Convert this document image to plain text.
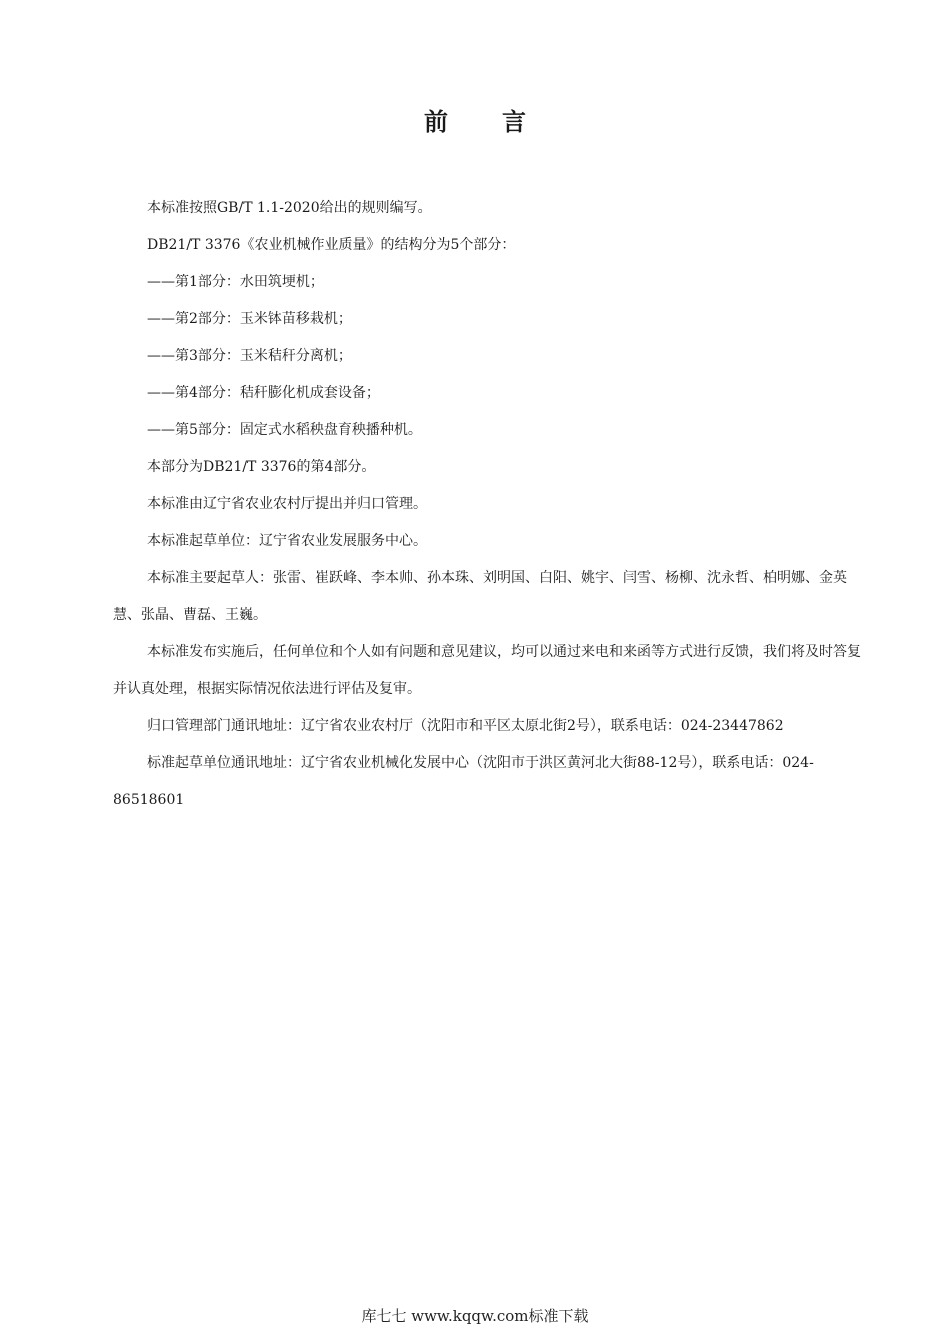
前言

本标准按照GB/T 1.1-2020给出的规则编写。

DB21/T 3376《农业机械作业质量》的结构分为5个部分：

——第1部分：水田筑埂机；

——第2部分：玉米钵苗移栽机；

——第3部分：玉米秸秆分离机；

——第4部分：秸秆膨化机成套设备；

——第5部分：固定式水稻秧盘育秧播种机。

本部分为DB21/T 3376的第4部分。

本标准由辽宁省农业农村厅提出并归口管理。

本标准起草单位：辽宁省农业发展服务中心。

本标准主要起草人：张雷、崔跃峰、李本帅、孙本珠、刘明国、白阳、姚宇、闫雪、杨柳、沈永哲、柏明娜、金英慧、张晶、曹磊、王巍。

本标准发布实施后，任何单位和个人如有问题和意见建议，均可以通过来电和来函等方式进行反馈，我们将及时答复并认真处理，根据实际情况依法进行评估及复审。

归口管理部门通讯地址：辽宁省农业农村厅（沈阳市和平区太原北街2号），联系电话：024-23447862

标准起草单位通讯地址：辽宁省农业机械化发展中心（沈阳市于洪区黄河北大街88-12号），联系电话：024-86518601

库七七 www.kqqw.com标准下载
